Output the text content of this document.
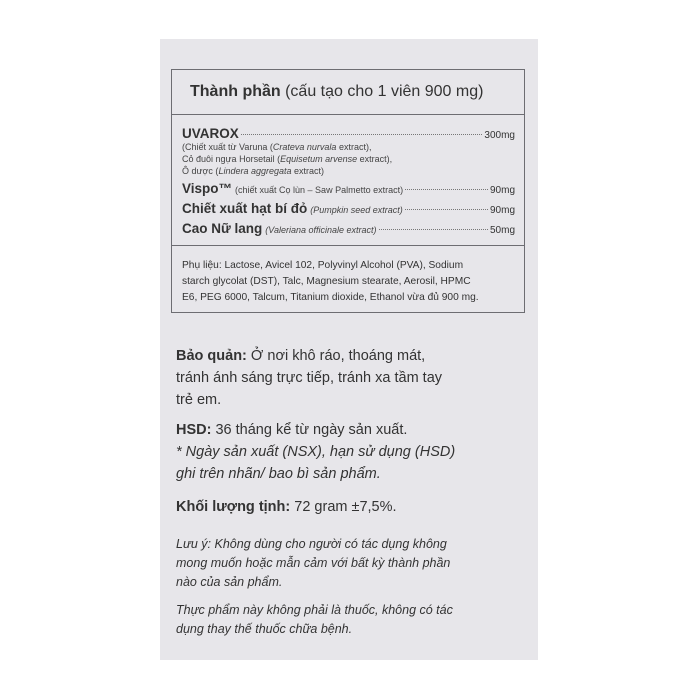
Thành phần (cấu tạo cho 1 viên 900 mg)
UVAROX	300mg
(Chiết xuất từ Varuna (Crateva nurvala extract),
Cỏ đuôi ngựa Horsetail (Equisetum arvense extract),
Ô dược (Lindera aggregata extract)
Vispo™ (chiết xuất Cọ lùn – Saw Palmetto extract)	90mg
Chiết xuất hạt bí đỏ (Pumpkin seed extract)	90mg
Cao Nữ lang (Valeriana officinale extract)	50mg
Phụ liệu: Lactose, Avicel 102, Polyvinyl Alcohol (PVA), Sodium
starch glycolat (DST), Talc, Magnesium stearate, Aerosil, HPMC
E6, PEG 6000, Talcum, Titanium dioxide, Ethanol vừa đủ 900 mg.
Bảo quản: Ở nơi khô ráo, thoáng mát,
tránh ánh sáng trực tiếp, tránh xa tầm tay
trẻ em.
HSD: 36 tháng kể từ ngày sản xuất.
* Ngày sản xuất (NSX), hạn sử dụng (HSD)
ghi trên nhãn/ bao bì sản phẩm.
Khối lượng tịnh: 72 gram ±7,5%.
Lưu ý: Không dùng cho người có tác dụng không
mong muốn hoặc mẫn cảm với bất kỳ thành phần
nào của sản phẩm.
Thực phẩm này không phải là thuốc, không có tác
dụng thay thế thuốc chữa bệnh.
